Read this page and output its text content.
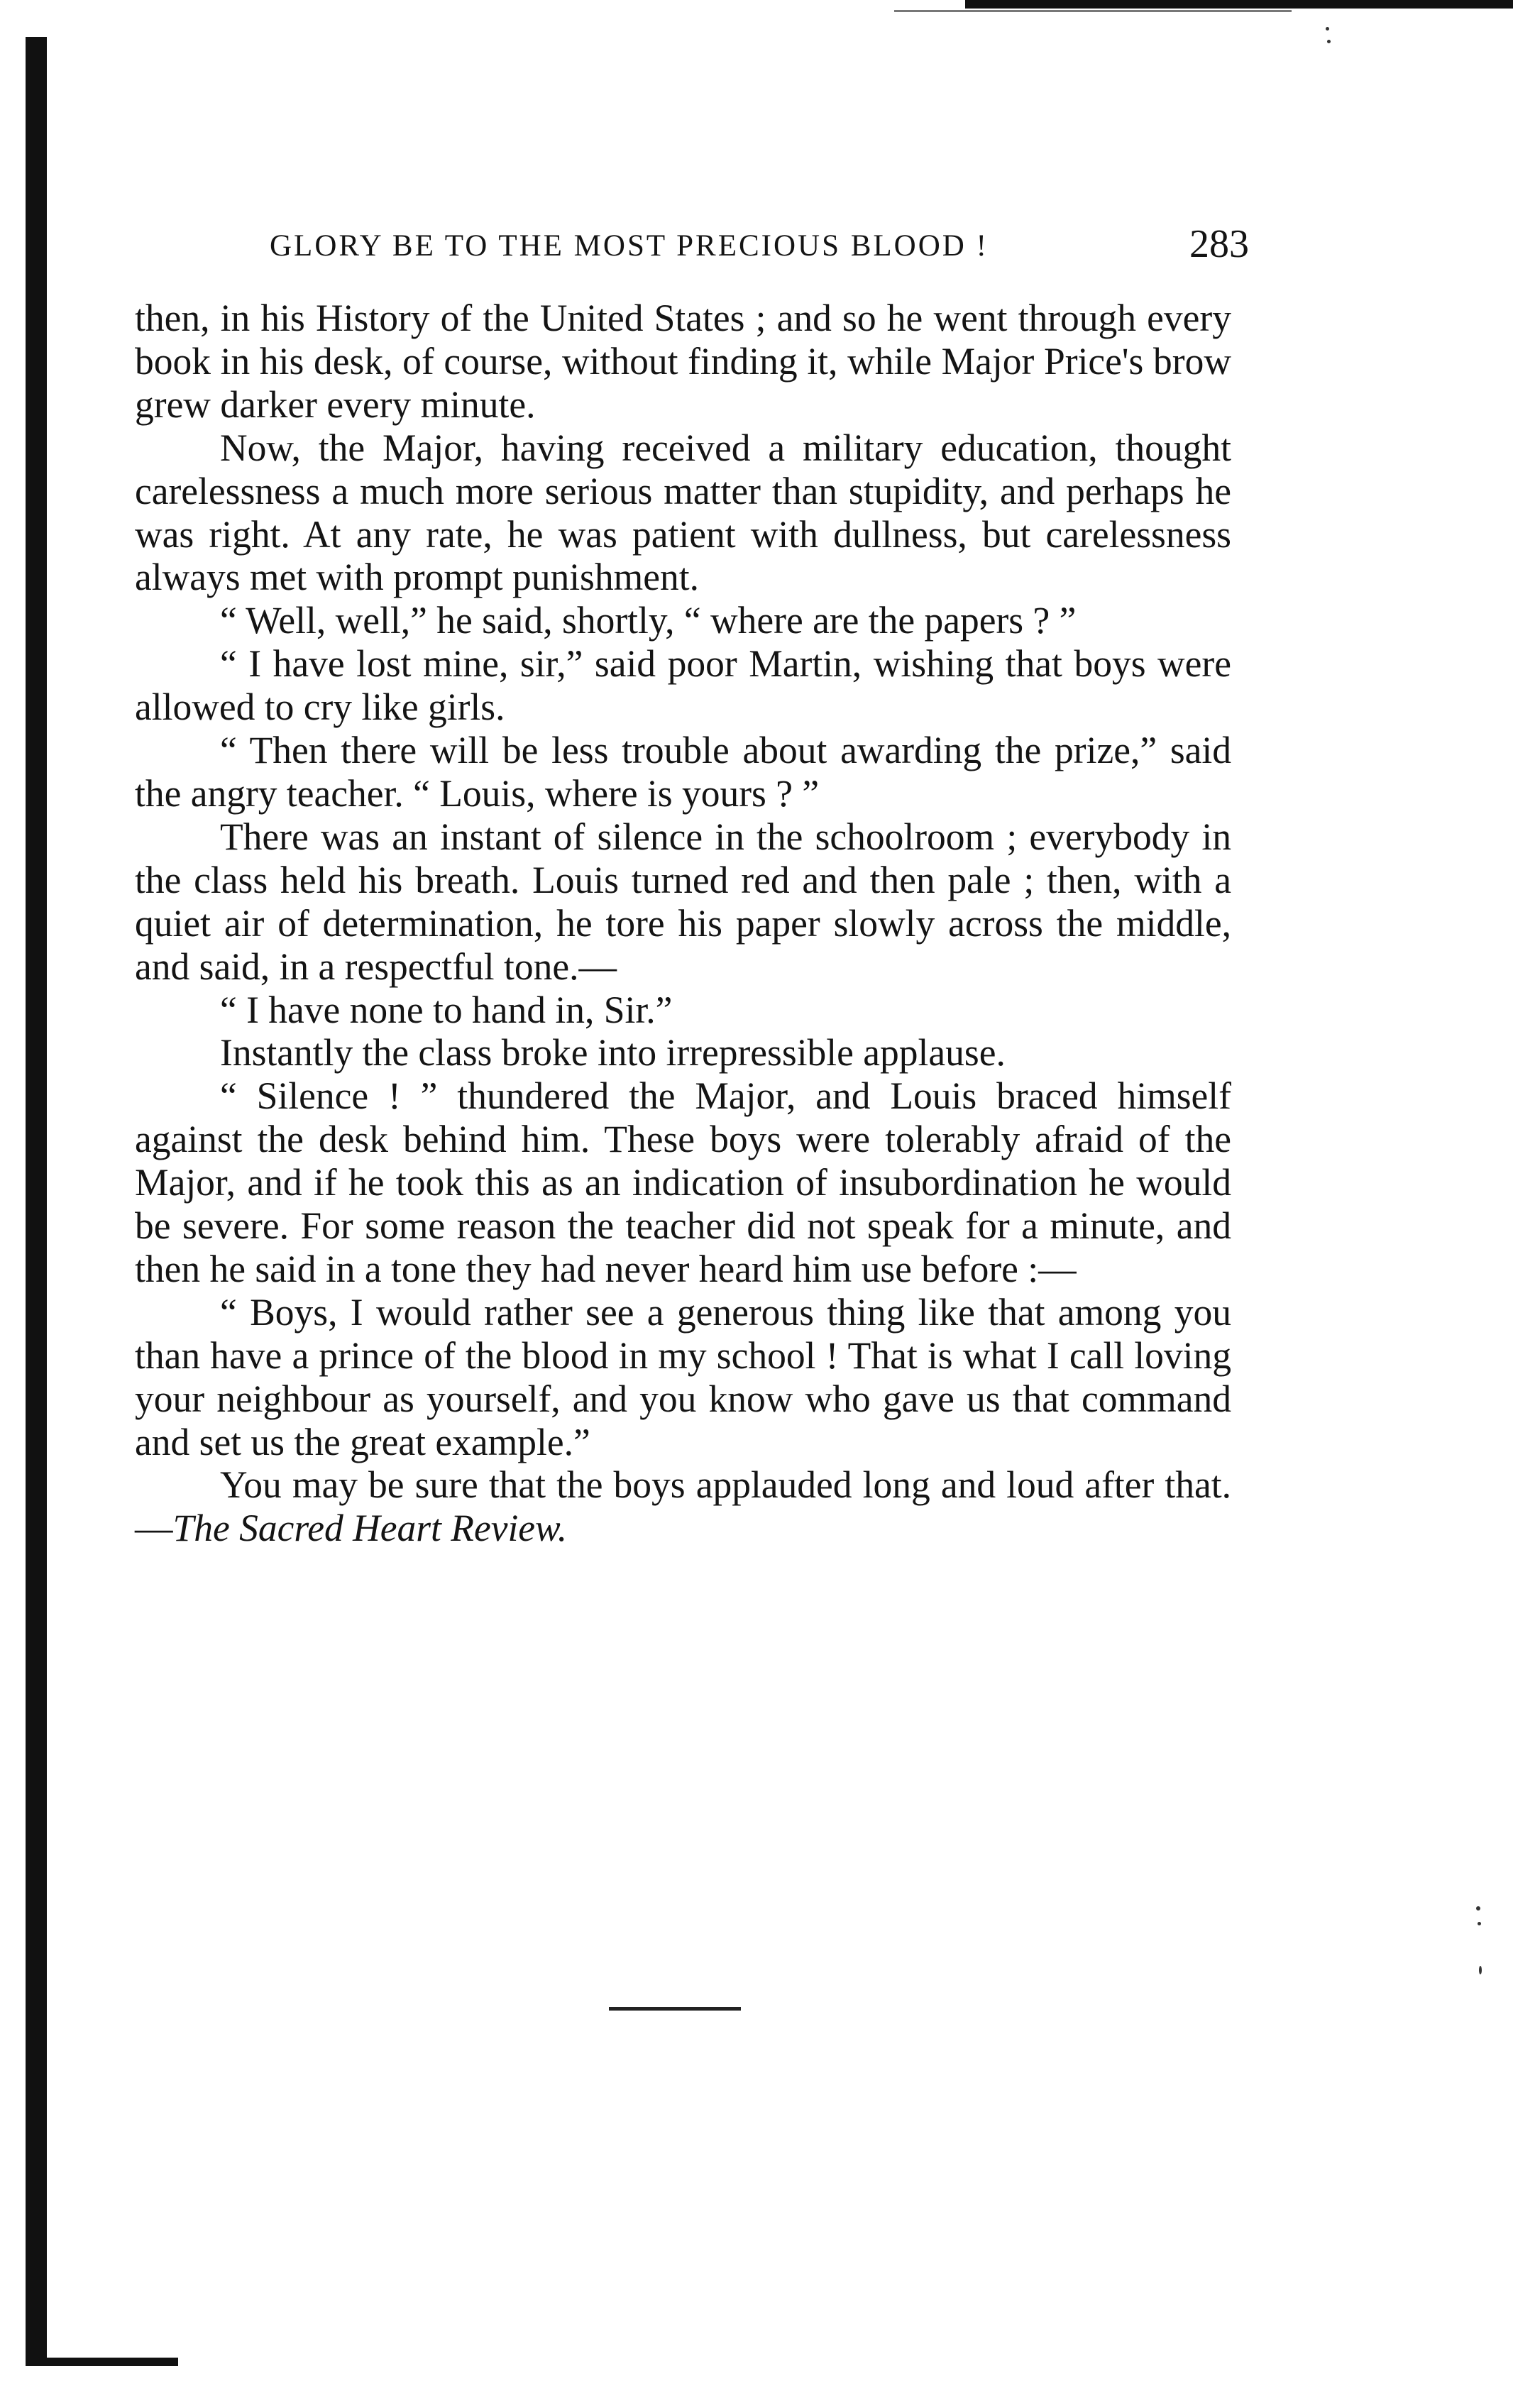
GLORY BE TO THE MOST PRECIOUS BLOOD !	283

then, in his History of the United States ; and so he went through every book in his desk, of course, without finding it, while Major Price's brow grew darker every minute.

Now, the Major, having received a military education, thought carelessness a much more serious matter than stupidity, and perhaps he was right. At any rate, he was patient with dullness, but carelessness always met with prompt punishment.

“ Well, well,” he said, shortly, “ where are the papers ? ”

“ I have lost mine, sir,” said poor Martin, wishing that boys were allowed to cry like girls.

“ Then there will be less trouble about awarding the prize,” said the angry teacher. “ Louis, where is yours ? ”

There was an instant of silence in the schoolroom ; everybody in the class held his breath. Louis turned red and then pale ; then, with a quiet air of determination, he tore his paper slowly across the middle, and said, in a respectful tone.—

“ I have none to hand in, Sir.”

Instantly the class broke into irrepressible applause.

“ Silence ! ” thundered the Major, and Louis braced himself against the desk behind him. These boys were tolerably afraid of the Major, and if he took this as an indication of insubordination he would be severe. For some reason the teacher did not speak for a minute, and then he said in a tone they had never heard him use before :—

“ Boys, I would rather see a generous thing like that among you than have a prince of the blood in my school ! That is what I call loving your neighbour as yourself, and you know who gave us that command and set us the great example.”

You may be sure that the boys applauded long and loud after that.—The Sacred Heart Review.
